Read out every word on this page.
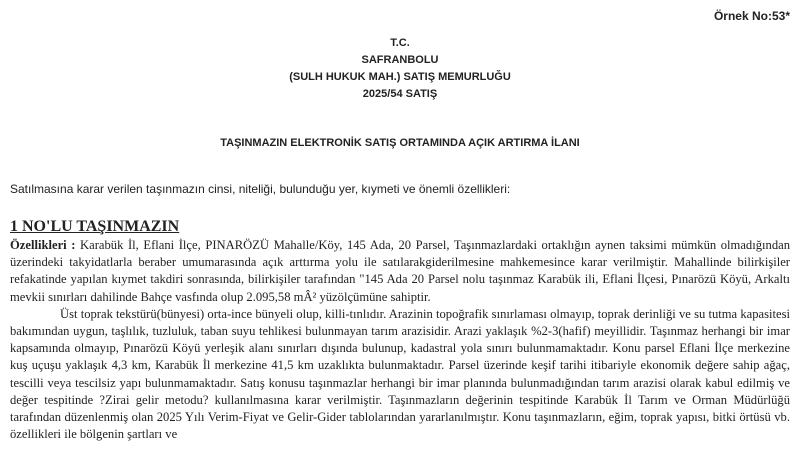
Örnek No:53*
T.C.
SAFRANBOLU
(SULH HUKUK MAH.) SATIŞ MEMURLUĞU
2025/54 SATIŞ
TAŞINMAZIN ELEKTRONİK SATIŞ ORTAMINDA AÇIK ARTIRMA İLANI
Satılmasına karar verilen taşınmazın cinsi, niteliği, bulunduğu yer, kıymeti ve önemli özellikleri:
1 NO'LU TAŞINMAZIN

Özellikleri : Karabük İl, Eflani İlçe, PINARÖZÜ Mahalle/Köy, 145 Ada, 20 Parsel, Taşınmazlardaki ortaklığın aynen taksimi mümkün olmadığından üzerindeki takyidatlarla beraber umumarasında açık arttırma yolu ile satılarakgiderilmesine mahkemesince karar verilmiştir. Mahallinde bilirkişiler refakatinde yapılan kıymet takdiri sonrasında, bilirkişiler tarafından "145 Ada 20 Parsel nolu taşınmaz Karabük ili, Eflani İlçesi, Pınarözü Köyü, Arkaltı mevkii sınırları dahilinde Bahçe vasfında olup 2.095,58 mÂ² yüzölçümüne sahiptir.

Üst toprak tekstürü(bünyesi) orta-ince bünyeli olup, killi-tınlıdır. Arazinin topoğrafik sınırlaması olmayıp, toprak derinliği ve su tutma kapasitesi bakımından uygun, taşlılık, tuzluluk, taban suyu tehlikesi bulunmayan tarım arazisidir. Arazi yaklaşık %2-3(hafif) meyillidir. Taşınmaz herhangi bir imar kapsamında olmayıp, Pınarözü Köyü yerleşik alanı sınırları dışında bulunup, kadastral yola sınırı bulunmamaktadır. Konu parsel Eflani İlçe merkezine kuş uçuşu yaklaşık 4,3 km, Karabük İl merkezine 41,5 km uzaklıkta bulunmaktadır. Parsel üzerinde keşif tarihi itibariyle ekonomik değere sahip ağaç, tescilli veya tescilsiz yapı bulunmamaktadır. Satış konusu taşınmazlar herhangi bir imar planında bulunmadığından tarım arazisi olarak kabul edilmiş ve değer tespitinde ?Zirai gelir metodu? kullanılmasına karar verilmiştir. Taşınmazların değerinin tespitinde Karabük İl Tarım ve Orman Müdürlüğü tarafından düzenlenmiş olan 2025 Yılı Verim-Fiyat ve Gelir-Gider tablolarından yararlanılmıştır. Konu taşınmazların, eğim, toprak yapısı, bitki örtüsü vb. özellikleri ile bölgenin şartları ve
